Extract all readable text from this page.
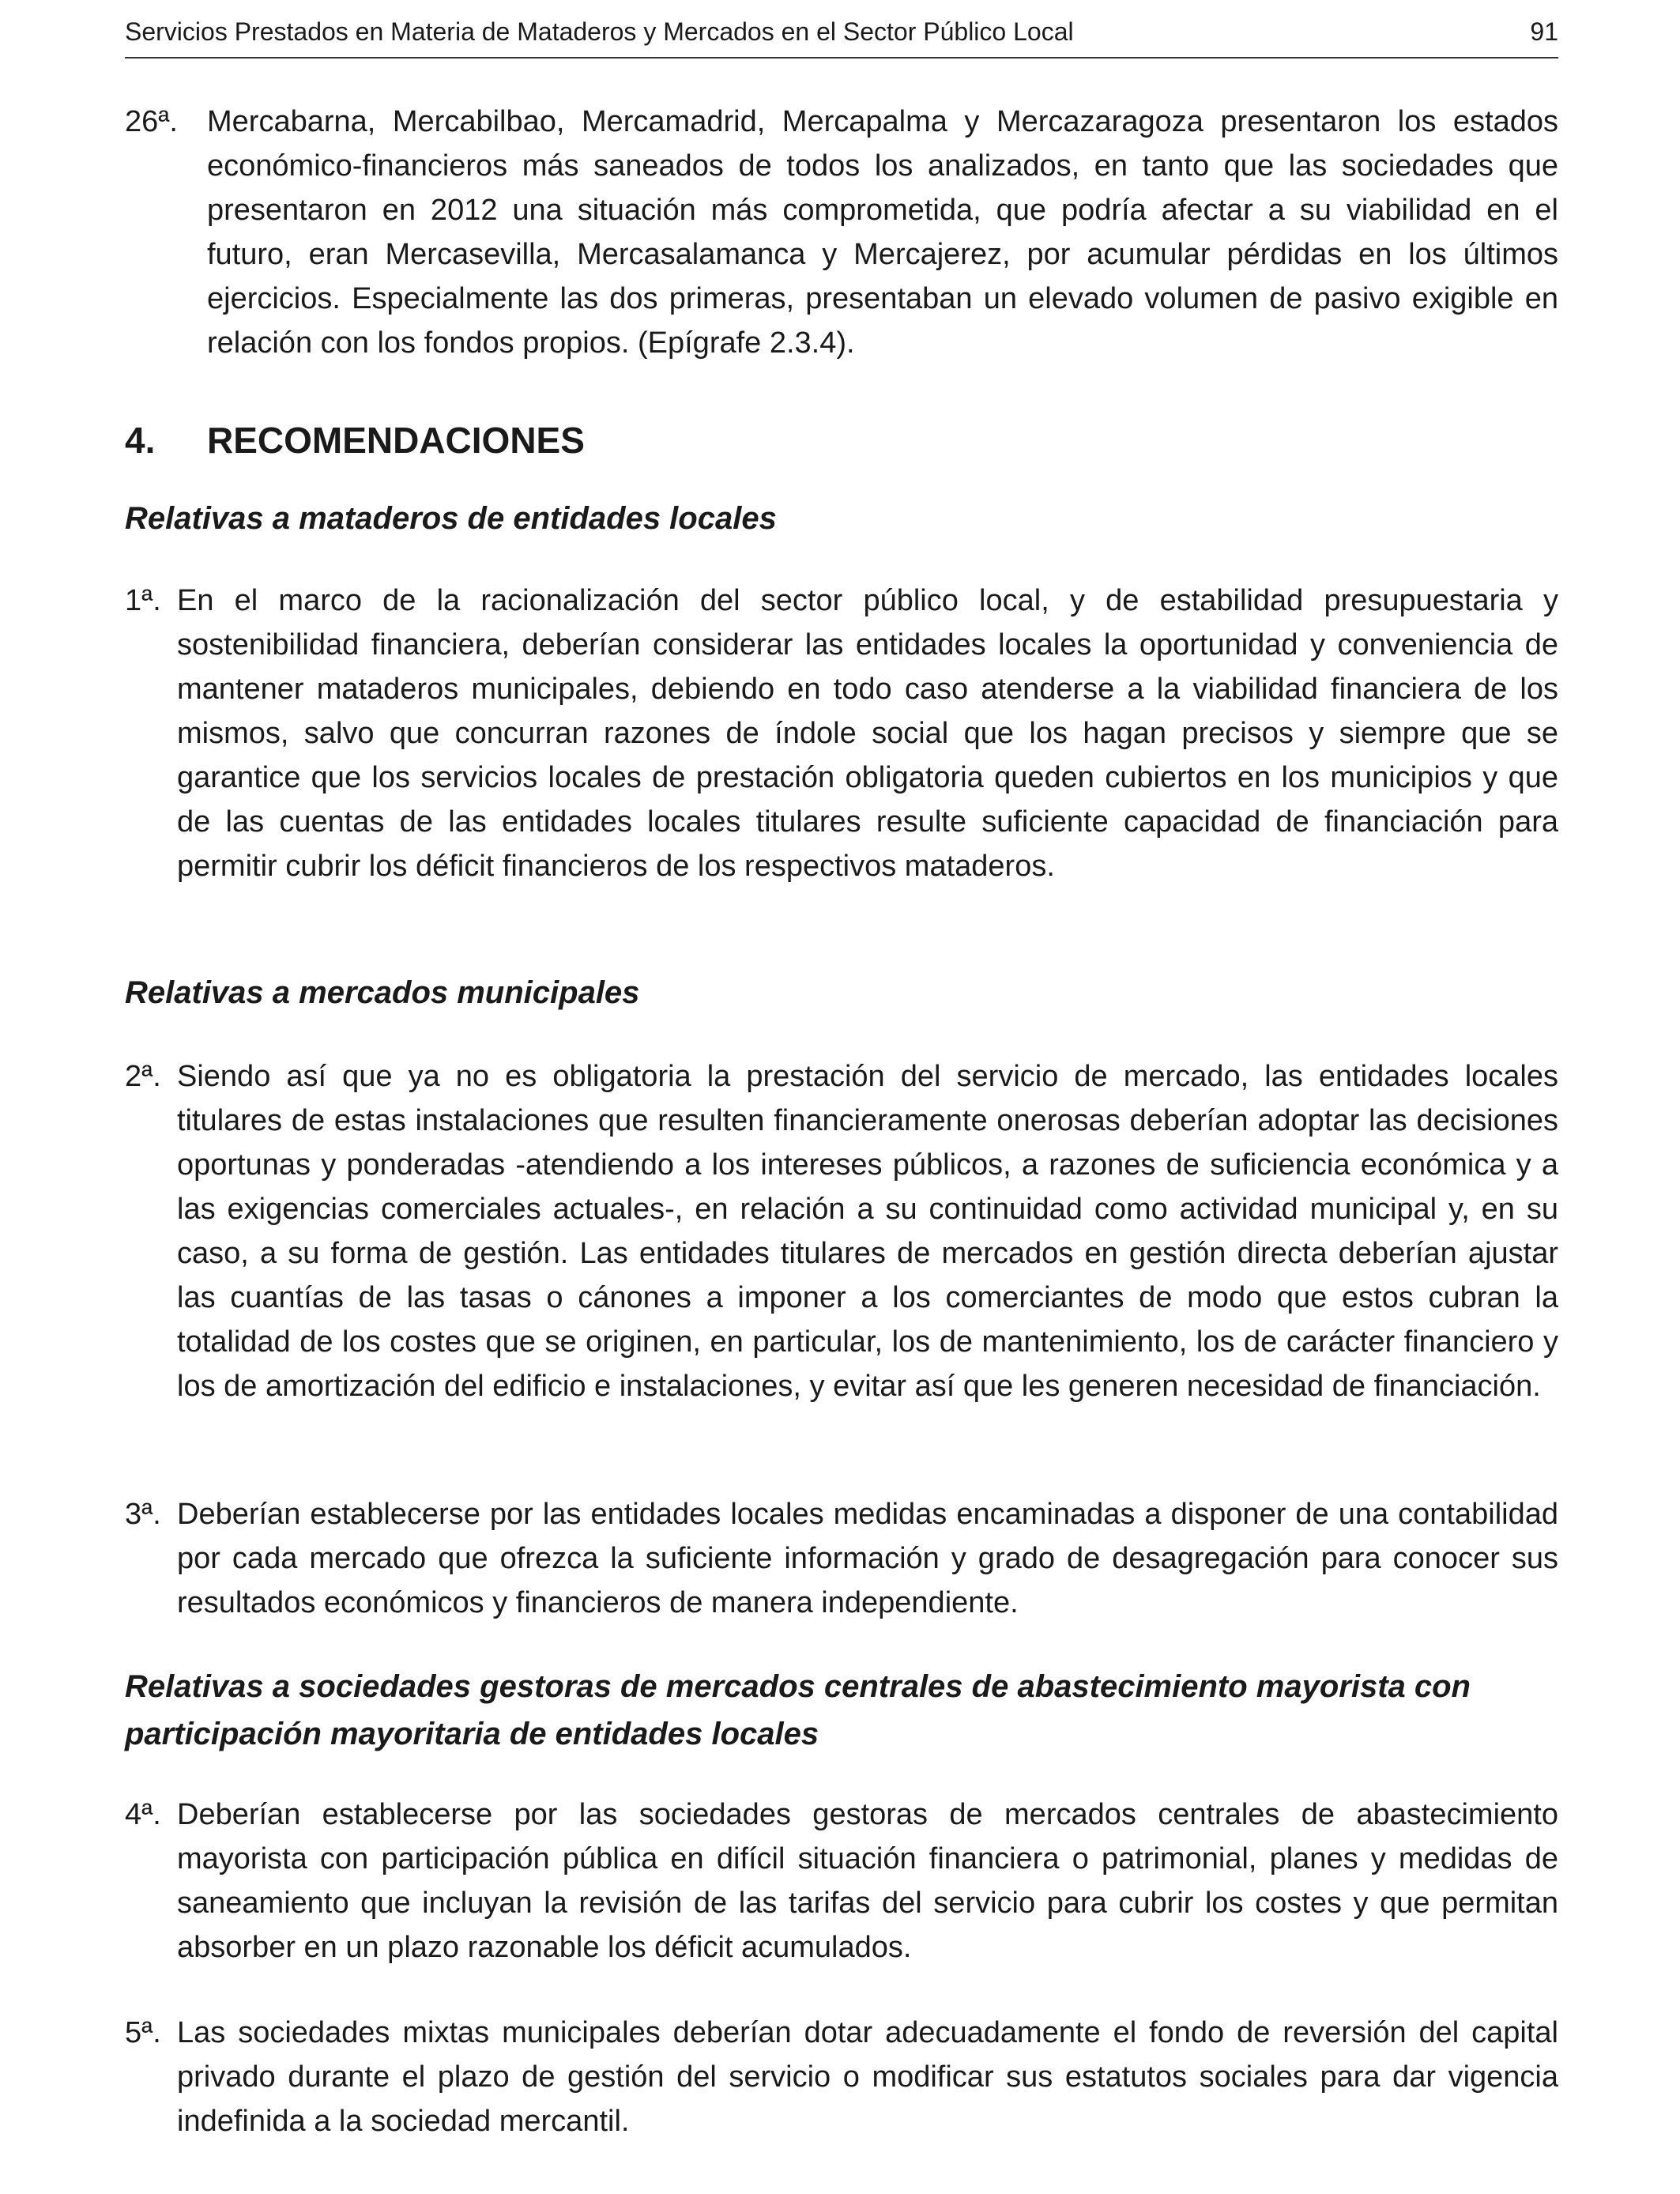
Servicios Prestados en Materia de Mataderos y Mercados en el Sector Público Local	91
26ª. Mercabarna, Mercabilbao, Mercamadrid, Mercapalma y Mercazaragoza presentaron los estados económico-financieros más saneados de todos los analizados, en tanto que las sociedades que presentaron en 2012 una situación más comprometida, que podría afectar a su viabilidad en el futuro, eran Mercasevilla, Mercasalamanca y Mercajerez, por acumular pérdidas en los últimos ejercicios. Especialmente las dos primeras, presentaban un elevado volumen de pasivo exigible en relación con los fondos propios. (Epígrafe 2.3.4).
4. RECOMENDACIONES
Relativas a mataderos de entidades locales
1ª. En el marco de la racionalización del sector público local, y de estabilidad presupuestaria y sostenibilidad financiera, deberían considerar las entidades locales la oportunidad y conveniencia de mantener mataderos municipales, debiendo en todo caso atenderse a la viabilidad financiera de los mismos, salvo que concurran razones de índole social que los hagan precisos y siempre que se garantice que los servicios locales de prestación obligatoria queden cubiertos en los municipios y que de las cuentas de las entidades locales titulares resulte suficiente capacidad de financiación para permitir cubrir los déficit financieros de los respectivos mataderos.
Relativas a mercados municipales
2ª. Siendo así que ya no es obligatoria la prestación del servicio de mercado, las entidades locales titulares de estas instalaciones que resulten financieramente onerosas deberían adoptar las decisiones oportunas y ponderadas -atendiendo a los intereses públicos, a razones de suficiencia económica y a las exigencias comerciales actuales-, en relación a su continuidad como actividad municipal y, en su caso, a su forma de gestión. Las entidades titulares de mercados en gestión directa deberían ajustar las cuantías de las tasas o cánones a imponer a los comerciantes de modo que estos cubran la totalidad de los costes que se originen, en particular, los de mantenimiento, los de carácter financiero y los de amortización del edificio e instalaciones, y evitar así que les generen necesidad de financiación.
3ª. Deberían establecerse por las entidades locales medidas encaminadas a disponer de una contabilidad por cada mercado que ofrezca la suficiente información y grado de desagregación para conocer sus resultados económicos y financieros de manera independiente.
Relativas a sociedades gestoras de mercados centrales de abastecimiento mayorista con participación mayoritaria de entidades locales
4ª. Deberían establecerse por las sociedades gestoras de mercados centrales de abastecimiento mayorista con participación pública en difícil situación financiera o patrimonial, planes y medidas de saneamiento que incluyan la revisión de las tarifas del servicio para cubrir los costes y que permitan absorber en un plazo razonable los déficit acumulados.
5ª. Las sociedades mixtas municipales deberían dotar adecuadamente el fondo de reversión del capital privado durante el plazo de gestión del servicio o modificar sus estatutos sociales para dar vigencia indefinida a la sociedad mercantil.
